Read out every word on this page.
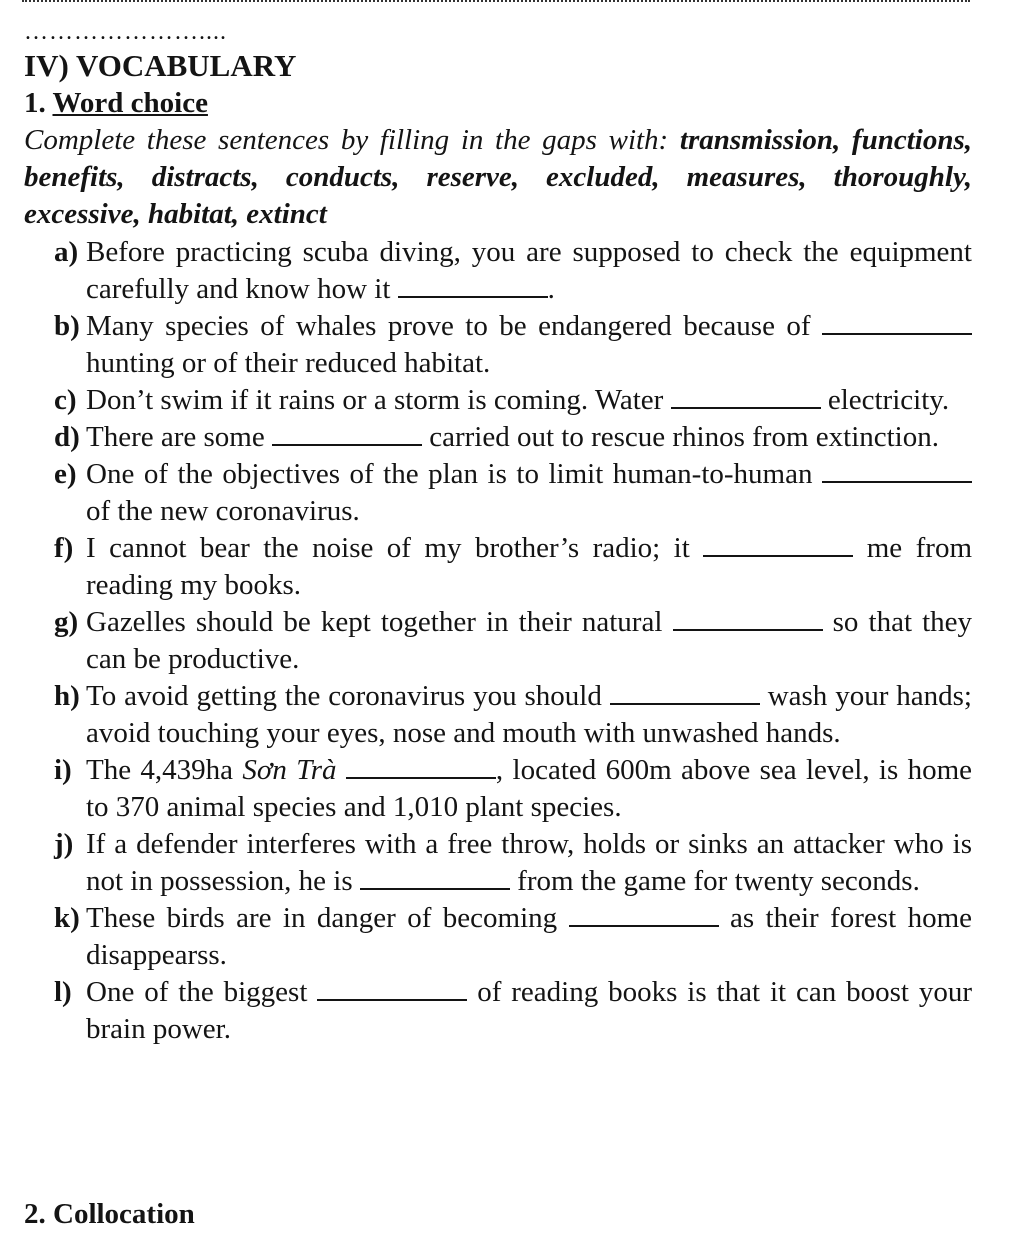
…………………....
IV) VOCABULARY
1. Word choice
Complete these sentences by filling in the gaps with: transmission, functions, benefits, distracts, conducts, reserve, excluded, measures, thoroughly, excessive, habitat, extinct
a) Before practicing scuba diving, you are supposed to check the equipment carefully and know how it	.
b) Many species of whales prove to be endangered because of  hunting or of their reduced habitat.
c) Don’t swim if it rains or a storm is coming. Water	electricity.
d) There are some	carried out to rescue rhinos from extinction.
e) One of the objectives of the plan is to limit human-to-human  of the new coronavirus.
f) I cannot bear the noise of my brother’s radio; it	me from reading my books.
g) Gazelles should be kept together in their natural	so that they can be productive.
h) To avoid getting the coronavirus you should	wash your hands; avoid touching your eyes, nose and mouth with unwashed hands.
i) The 4,439ha Sơn Trà	, located 600m above sea level, is home to 370 animal species and 1,010 plant species.
j) If a defender interferes with a free throw, holds or sinks an attacker who is not in possession, he is	from the game for twenty seconds.
k) These birds are in danger of becoming	as their forest home disappearss.
l) One of the biggest	of reading books is that it can boost your brain power.
2. Collocation
